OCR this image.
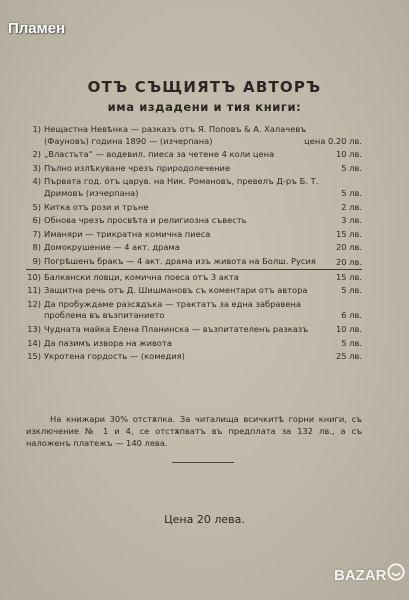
Пламен
ОТЪ СЪЩИЯТЪ АВТОРЪ
има издадени и тия книги:
1) Нещастна Невѣнка — разказъ отъ Я. Поповъ & А. Халачевъ (Фауновъ) година 1890 — (изчерпана)	цена 0.20 лв.
2) „Властьта“ — водевил. пиеса за четене 4 коли цена	10 лв.
3) Пълно излѣкуване чрезъ природолечение	5 лв.
4) Първата год. отъ царув. на Ник. Романовъ, превелъ Д-ръ Б. Т. Дримовъ (изчерпана)	5 лв.
5) Китка отъ рози и трънe	2 лв.
6) Обнова чрезъ просвѣта и религиозна съвесть	3 лв.
7) Иманяри — трикратна комична пиеса	15 лв.
8) Домокрушение — 4 акт. драма	20 лв.
9) Погрѣшенъ бракъ — 4 акт. драма изъ живота на Болш. Русия	20 лв.
10) Балкански ловци, комична поеса отъ 3 акта	15 лв.
11) Защитна речь отъ Д. Шишмановъ съ коментари отъ автора	5 лв.
12) Да пробуждаме разсѫдъка — трактатъ за една забравена проблема въ възпитанието	6 лв.
13) Чудната майка Елена Планинска — възпитателенъ разказъ	10 лв.
14) Да пазимъ извора на живота	5 лв.
15) Укротена гордость — (комедия)	25 лв.
На книжари 30% отстѫпка. За читалища всичкитѣ горни книги, съ изключение № 1 и 4, се отстѫпватъ въ предплата за 132 лв., а съ наложенъ платежъ — 140 лева.
Цена 20 лева.
BAZAR
